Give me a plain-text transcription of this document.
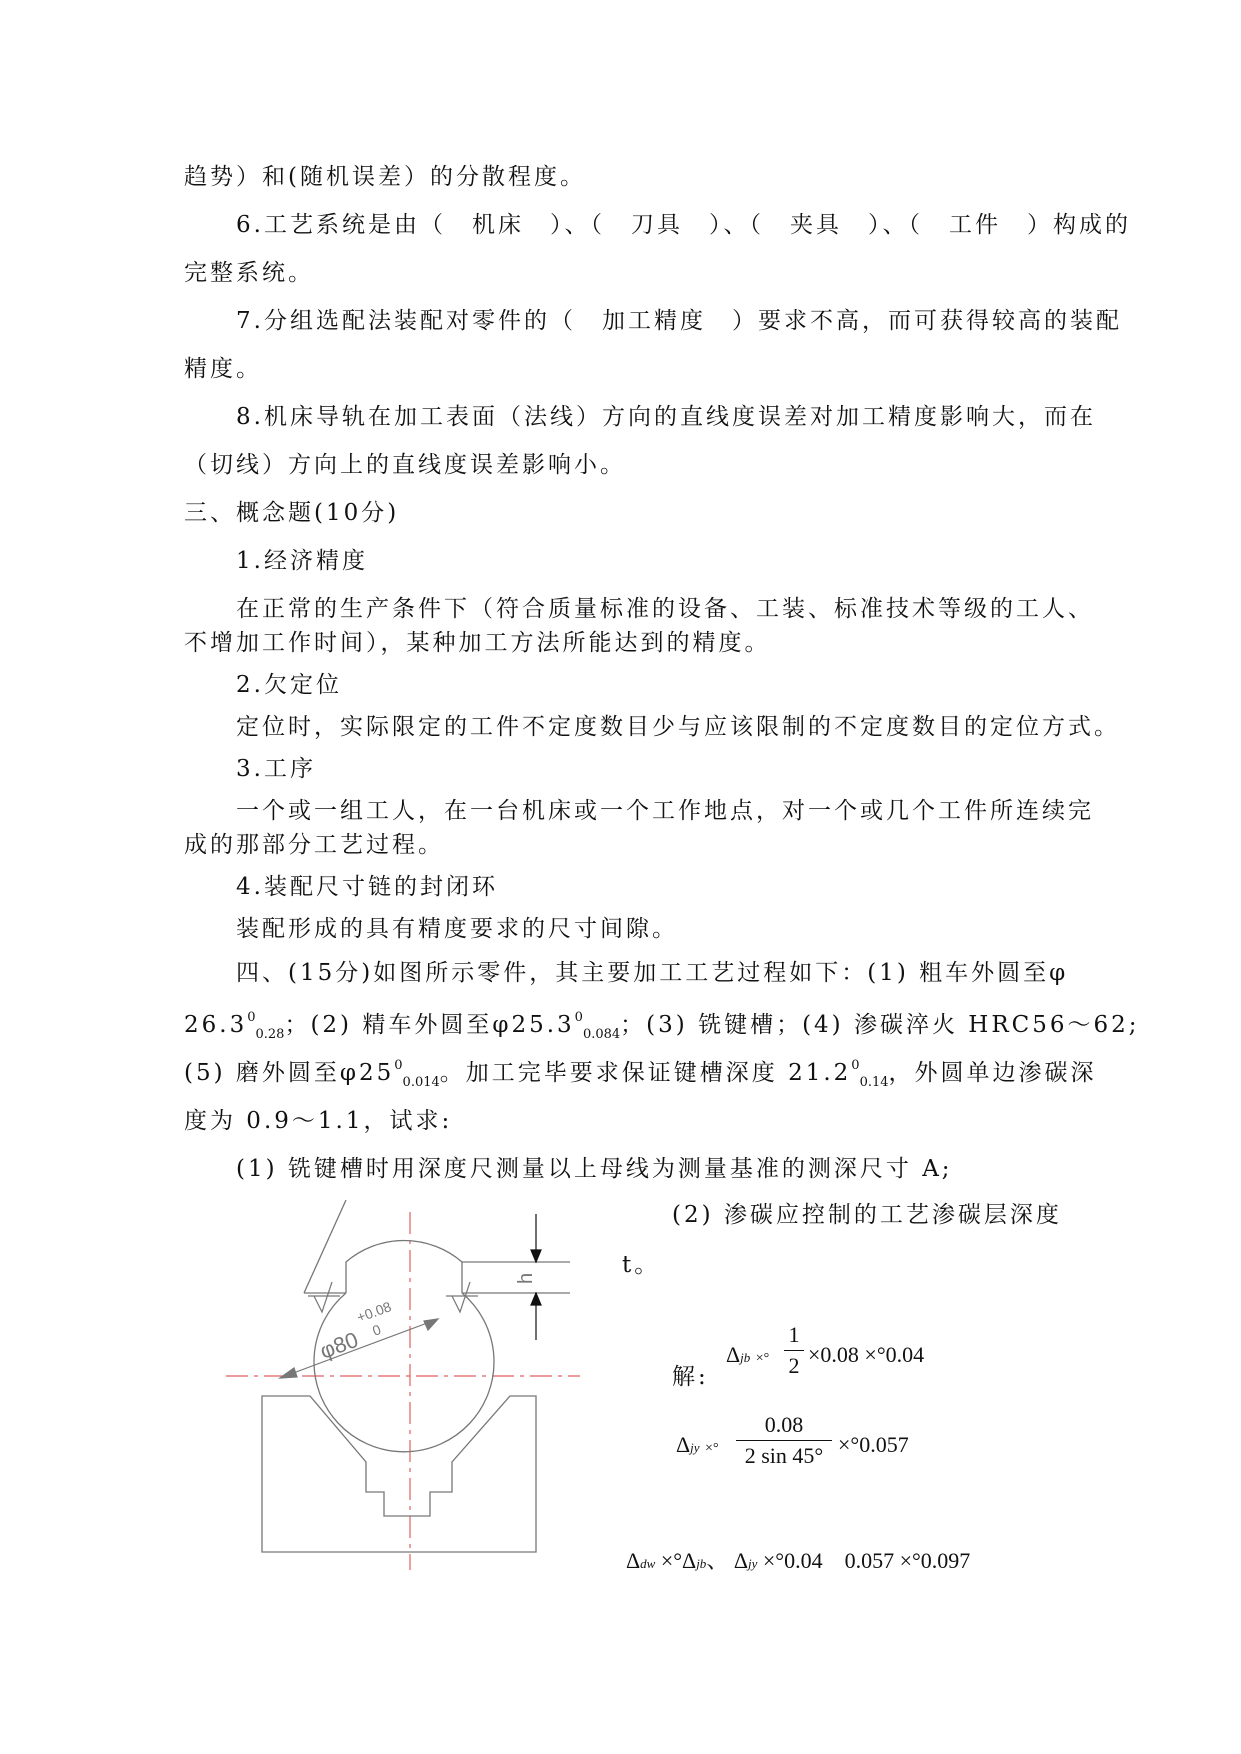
趋势）和(随机误差）的分散程度。
6.工艺系统是由（　机床　）、（　刀具　）、（　夹具　）、（　工件　）构成的
完整系统。
7.分组选配法装配对零件的（　加工精度　）要求不高，而可获得较高的装配
精度。
8.机床导轨在加工表面（法线）方向的直线度误差对加工精度影响大，而在
（切线）方向上的直线度误差影响小。
三、概念题(10分)
1.经济精度
在正常的生产条件下（符合质量标准的设备、工装、标准技术等级的工人、
不增加工作时间），某种加工方法所能达到的精度。
2.欠定位
定位时，实际限定的工件不定度数目少与应该限制的不定度数目的定位方式。
3.工序
一个或一组工人，在一台机床或一个工作地点，对一个或几个工件所连续完
成的那部分工艺过程。
4.装配尺寸链的封闭环
装配形成的具有精度要求的尺寸间隙。
四、(15分)如图所示零件，其主要加工工艺过程如下：(1) 粗车外圆至φ
$26.3^0_{0.28}$；(2) 精车外圆至$\varphi 25.3^0_{0.084}$；(3) 铣键槽；(4) 渗碳淬火 HRC56～62;
(5) 磨外圆至$\varphi 25^0_{0.014}$。加工完毕要求保证键槽深度 $21.2^0_{0.14}$，外圆单边渗碳深
度为 0.9～1.1，试求:
(1) 铣键槽时用深度尺测量以上母线为测量基准的测深尺寸 A;
(2) 渗碳应控制的工艺渗碳层深度
t。
h
φ80
+0.08
0
解:
Δjb ×°
1
2 ×0.08 ×°0.04
Δjy ×°
0.08
2 sin 45° ×°0.057
Δdw ×°Δjb、 Δjy ×°0.04　0.057 ×°0.097
